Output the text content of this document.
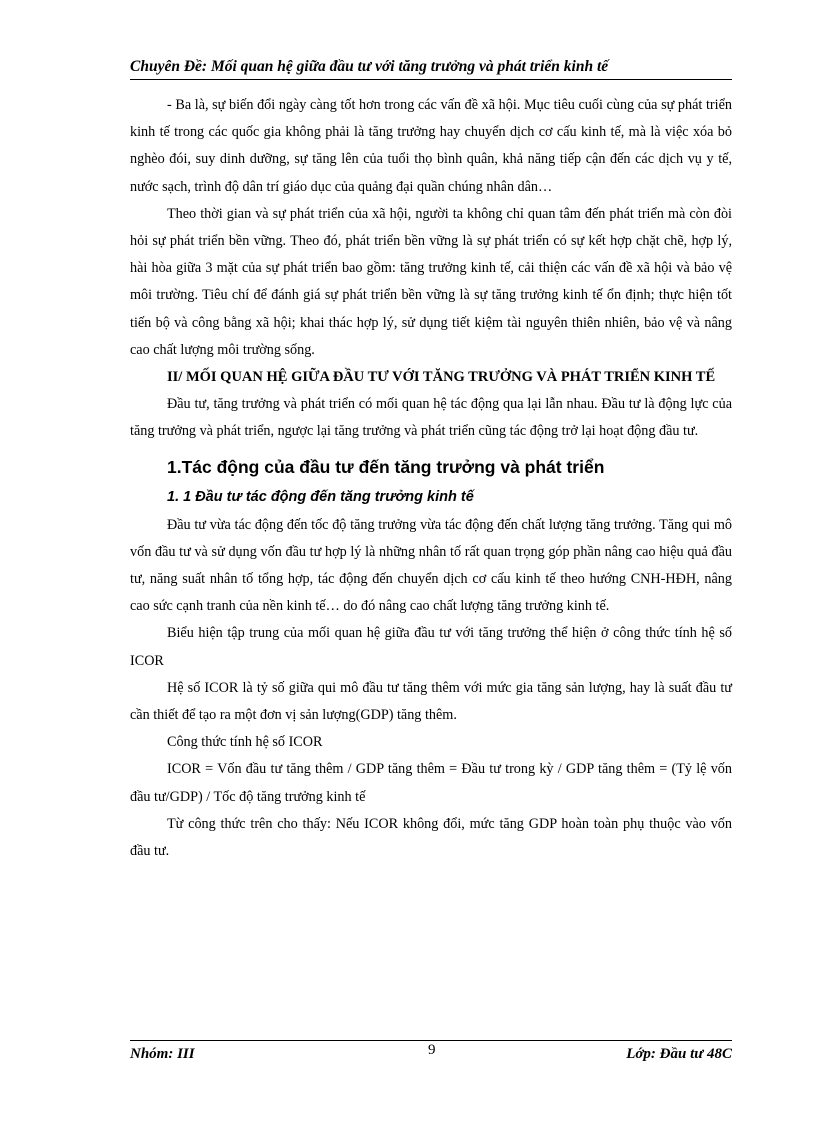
Chuyên Đề: Mối quan hệ giữa đầu tư với tăng trưởng và phát triển kinh tế

- Ba là, sự biến đổi ngày càng tốt hơn trong các vấn đề xã hội. Mục tiêu cuối cùng của sự phát triển kinh tế trong các quốc gia không phải là tăng trưởng hay chuyển dịch cơ cấu kinh tế, mà là việc xóa bỏ nghèo đói, suy dinh dưỡng, sự tăng lên của tuổi thọ bình quân, khả năng tiếp cận đến các dịch vụ y tế, nước sạch, trình độ dân trí giáo dục của quảng đại quần chúng nhân dân…

Theo thời gian và sự phát triển của xã hội, người ta không chỉ quan tâm đến phát triển mà còn đòi hỏi sự phát triển bền vững. Theo đó, phát triển bền vững là sự phát triển có sự kết hợp chặt chẽ, hợp lý, hài hòa giữa 3 mặt của sự phát triển bao gồm: tăng trưởng kinh tế, cải thiện các vấn đề xã hội và bảo vệ môi trường. Tiêu chí để đánh giá sự phát triển bền vững là sự tăng trưởng kinh tế ổn định; thực hiện tốt tiến bộ và công bằng xã hội; khai thác hợp lý, sử dụng tiết kiệm tài nguyên thiên nhiên, bảo vệ và nâng cao chất lượng môi trường sống.

II/ MỐI QUAN HỆ GIỮA ĐẦU TƯ VỚI TĂNG TRƯỞNG VÀ PHÁT TRIỂN KINH TẾ

Đầu tư, tăng trưởng và phát triển có mối quan hệ tác động qua lại lẫn nhau. Đầu tư là động lực của tăng trưởng và phát triển, ngược lại tăng trưởng và phát triển cũng tác động trở lại hoạt động đầu tư.

1.Tác động của đầu tư đến tăng trưởng và phát triển
1. 1 Đầu tư tác động đến tăng trưởng kinh tế

Đầu tư vừa tác động đến tốc độ tăng trưởng vừa tác động đến chất lượng tăng trưởng. Tăng qui mô vốn đầu tư và sử dụng vốn đầu tư hợp lý là những nhân tố rất quan trọng góp phần nâng cao hiệu quả đầu tư, năng suất nhân tố tổng hợp, tác động đến chuyển dịch cơ cấu kinh tế theo hướng CNH-HĐH, nâng cao sức cạnh tranh của nền kinh tế… do đó nâng cao chất lượng tăng trưởng kinh tế.

Biểu hiện tập trung của mối quan hệ giữa đầu tư với tăng trưởng thể hiện ở công thức tính hệ số ICOR

Hệ số ICOR là tỷ số giữa qui mô đầu tư tăng thêm với mức gia tăng sản lượng, hay là suất đầu tư cần thiết để tạo ra một đơn vị sản lượng(GDP) tăng thêm.

Công thức tính hệ số ICOR

ICOR = Vốn đầu tư tăng thêm / GDP tăng thêm = Đầu tư trong kỳ / GDP tăng thêm = (Tỷ lệ vốn đầu tư/GDP) / Tốc độ tăng trưởng kinh tế

Từ công thức trên cho thấy: Nếu ICOR không đổi, mức tăng GDP hoàn toàn phụ thuộc vào vốn đầu tư.

Nhóm: III	9	Lớp: Đầu tư 48C
